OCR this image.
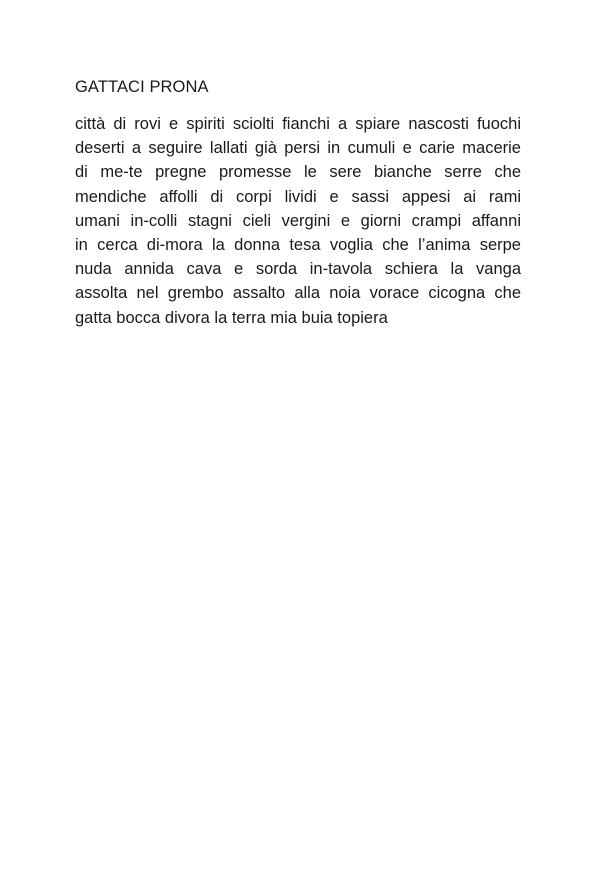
GATTACI PRONA
città di rovi e spiriti sciolti fianchi a spiare nascosti fuochi
deserti a seguire lallati già persi in cumuli e carie macerie
di me-te pregne promesse le sere bianche serre che
mendiche affolli di corpi lividi e sassi appesi ai rami
umani in-colli stagni cieli vergini e giorni crampi affanni
in cerca di-mora la donna tesa voglia che l’anima serpe
nuda annida cava e sorda in-tavola schiera la vanga
assolta nel grembo assalto alla noia vorace cicogna che
gatta bocca divora la terra mia buia topiera
